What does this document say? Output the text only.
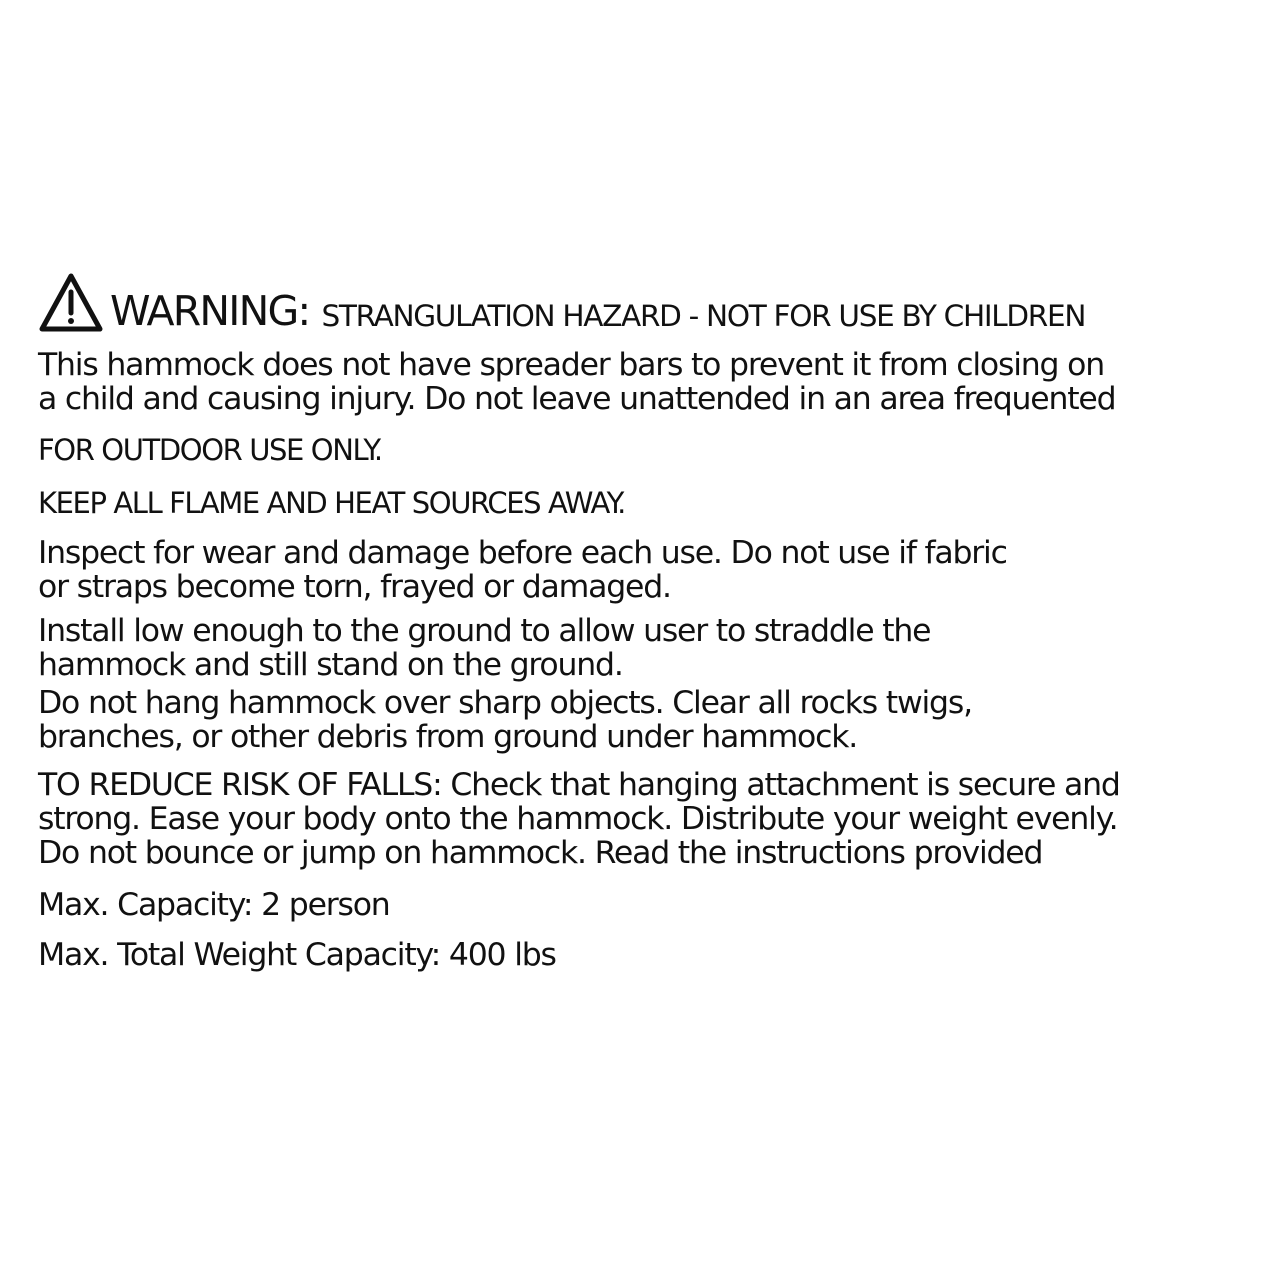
WARNING: STRANGULATION HAZARD - NOT FOR USE BY CHILDREN
This hammock does not have spreader bars to prevent it from closing on
a child and causing injury. Do not leave unattended in an area frequented
FOR OUTDOOR USE ONLY.
KEEP ALL FLAME AND HEAT SOURCES AWAY.
Inspect for wear and damage before each use. Do not use if fabric
or straps become torn, frayed or damaged.
Install low enough to the ground to allow user to straddle the
hammock and still stand on the ground.
Do not hang hammock over sharp objects. Clear all rocks twigs,
branches, or other debris from ground under hammock.
TO REDUCE RISK OF FALLS: Check that hanging attachment is secure and
strong. Ease your body onto the hammock. Distribute your weight evenly.
Do not bounce or jump on hammock. Read the instructions provided
Max. Capacity: 2 person
Max. Total Weight Capacity: 400 lbs
